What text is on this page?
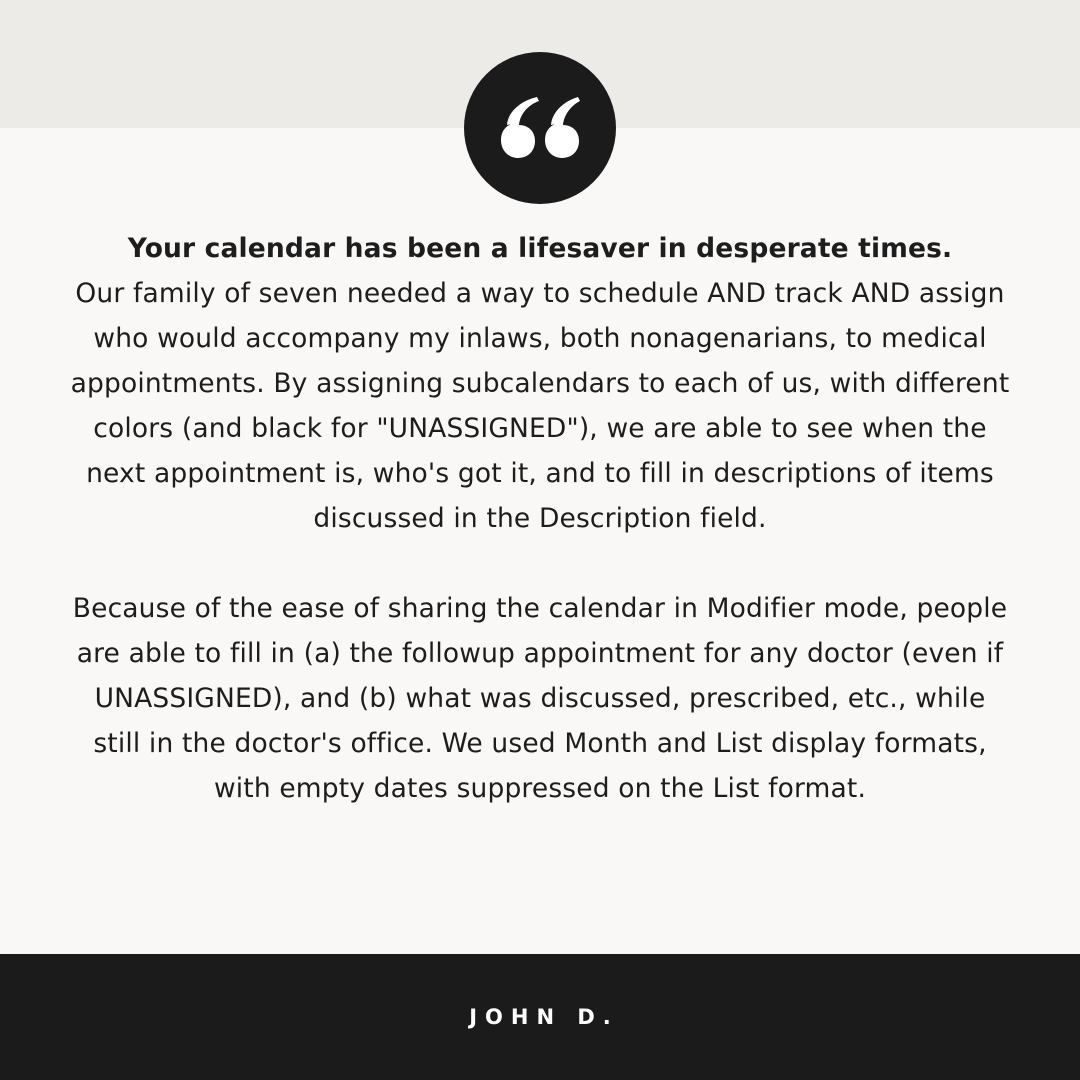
Your calendar has been a lifesaver in desperate times.

Our family of seven needed a way to schedule AND track AND assign who would accompany my inlaws, both nonagenarians, to medical appointments. By assigning subcalendars to each of us, with different colors (and black for "UNASSIGNED"), we are able to see when the next appointment is, who's got it, and to fill in descriptions of items discussed in the Description field.

Because of the ease of sharing the calendar in Modifier mode, people are able to fill in (a) the followup appointment for any doctor (even if UNASSIGNED), and (b) what was discussed, prescribed, etc., while still in the doctor's office. We used Month and List display formats, with empty dates suppressed on the List format.

JOHN D.
